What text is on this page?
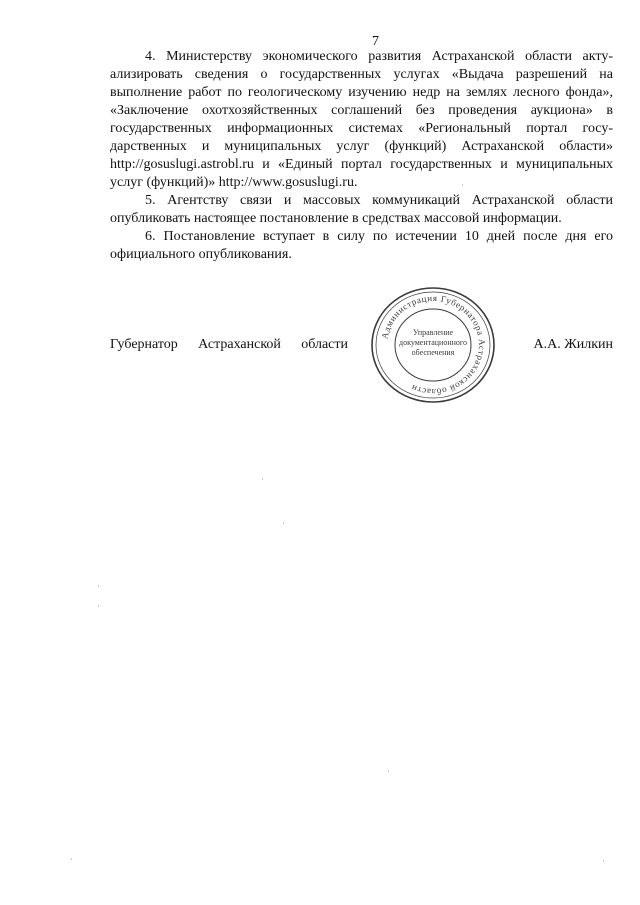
7

4. Министерству экономического развития Астраханской области актуализировать сведения о государственных услугах «Выдача разрешений на выполнение работ по геологическому изучению недр на землях лесного фонда», «Заключение охотхозяйственных соглашений без проведения аукциона» в государственных информационных системах «Региональный портал государственных и муниципальных услуг (функций) Астраханской области» http://gosuslugi.astrobl.ru и «Единый портал государственных и муниципальных услуг (функций)» http://www.gosuslugi.ru.

5. Агентству связи и массовых коммуникаций Астраханской области опубликовать настоящее постановление в средствах массовой информации.

6. Постановление вступает в силу по истечении 10 дней после дня его официального опубликования.

Губернатор Астраханской области	А.А. Жилкин
Администрация Губернатора Астраханской области
Управление
документационного
обеспечения
